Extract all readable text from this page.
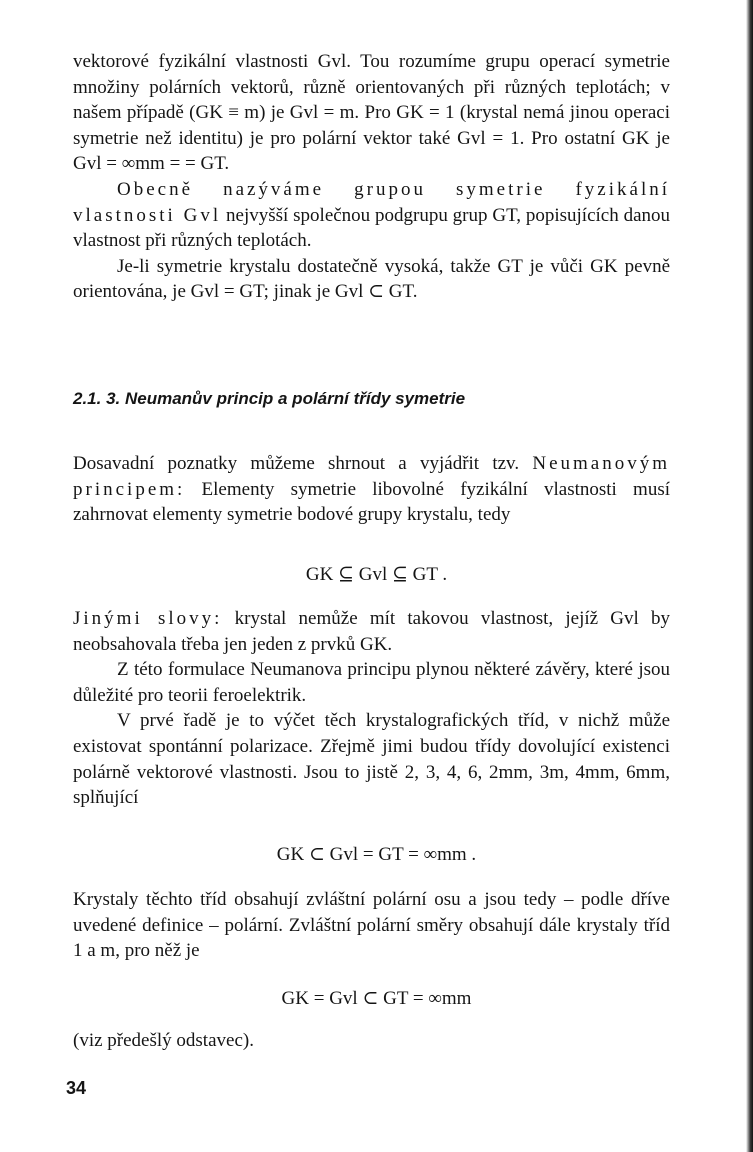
vektorové fyzikální vlastnosti Gvl. Tou rozumíme grupu operací symetrie množiny polárních vektorů, různě orientovaných při různých teplotách; v našem případě (GK ≡ m) je Gvl = m. Pro GK = 1 (krystal nemá jinou operaci symetrie než identitu) je pro polární vektor také Gvl = 1. Pro ostatní GK je Gvl = ∞mm = = GT.

Obecně nazýváme grupou symetrie fyzikální vlastnosti Gvl nejvyšší společnou podgrupu grup GT, popisujících danou vlastnost při různých teplotách.

Je-li symetrie krystalu dostatečně vysoká, takže GT je vůči GK pevně orientována, je Gvl = GT; jinak je Gvl ⊂ GT.

2.1. 3. Neumanův princip a polární třídy symetrie

Dosavadní poznatky můžeme shrnout a vyjádřit tzv. Neumanovým principem: Elementy symetrie libovolné fyzikální vlastnosti musí zahrnovat elementy symetrie bodové grupy krystalu, tedy

GK ⊆ Gvl ⊆ GT .

Jinými slovy: krystal nemůže mít takovou vlastnost, jejíž Gvl by neobsahovala třeba jen jeden z prvků GK.

Z této formulace Neumanova principu plynou některé závěry, které jsou důležité pro teorii feroelektrik.

V prvé řadě je to výčet těch krystalografických tříd, v nichž může existovat spontánní polarizace. Zřejmě jimi budou třídy dovolující existenci polárně vektorové vlastnosti. Jsou to jistě 2, 3, 4, 6, 2mm, 3m, 4mm, 6mm, splňující

GK ⊂ Gvl = GT = ∞mm .

Krystaly těchto tříd obsahují zvláštní polární osu a jsou tedy – podle dříve uvedené definice – polární. Zvláštní polární směry obsahují dále krystaly tříd 1 a m, pro něž je

GK = Gvl ⊂ GT = ∞mm

(viz předešlý odstavec).

34
